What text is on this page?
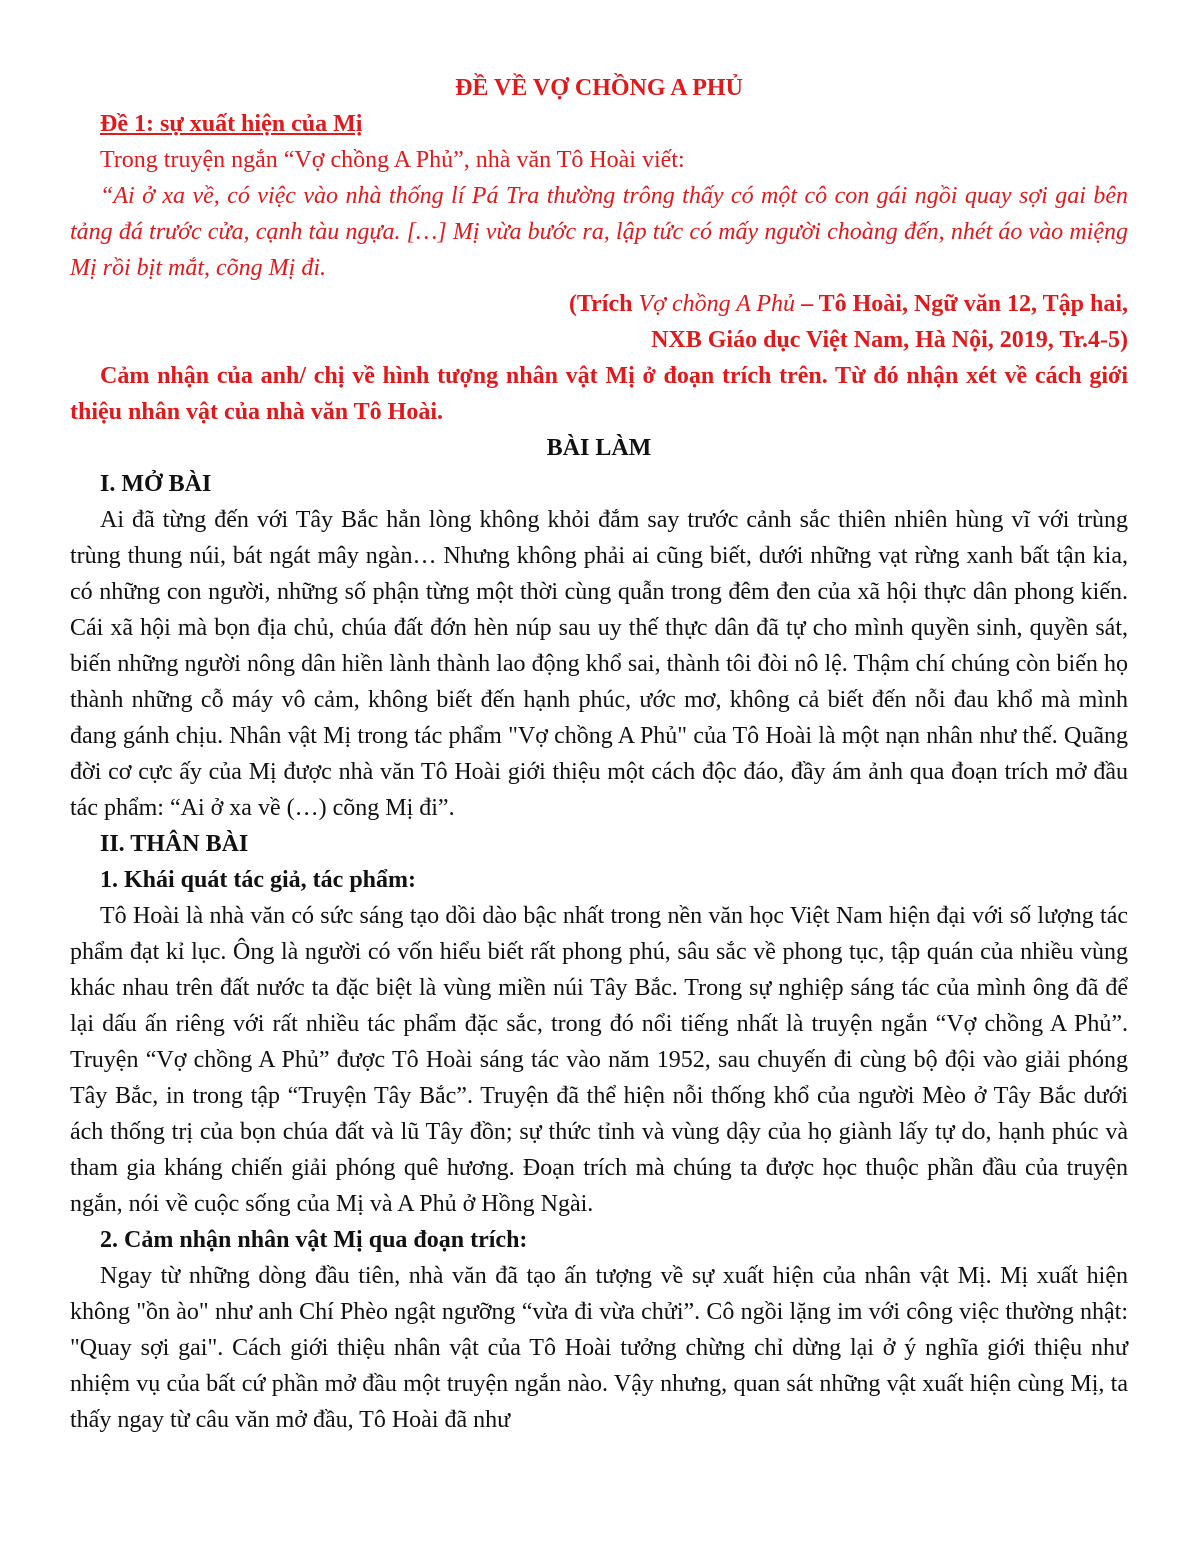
ĐỀ VỀ VỢ CHỒNG A PHỦ

Đề 1: sự xuất hiện của Mị

Trong truyện ngắn “Vợ chồng A Phủ”, nhà văn Tô Hoài viết:

“Ai ở xa về, có việc vào nhà thống lí Pá Tra thường trông thấy có một cô con gái ngồi quay sợi gai bên tảng đá trước cửa, cạnh tàu ngựa. […] Mị vừa bước ra, lập tức có mấy người choàng đến, nhét áo vào miệng Mị rồi bịt mắt, cõng Mị đi.

(Trích Vợ chồng A Phủ – Tô Hoài, Ngữ văn 12, Tập hai,

NXB Giáo dục Việt Nam, Hà Nội, 2019, Tr.4-5)

Cảm nhận của anh/ chị về hình tượng nhân vật Mị ở đoạn trích trên. Từ đó nhận xét về cách giới thiệu nhân vật của nhà văn Tô Hoài.

BÀI LÀM

I. MỞ BÀI

Ai đã từng đến với Tây Bắc hẳn lòng không khỏi đắm say trước cảnh sắc thiên nhiên hùng vĩ với trùng trùng thung núi, bát ngát mây ngàn… Nhưng không phải ai cũng biết, dưới những vạt rừng xanh bất tận kia, có những con người, những số phận từng một thời cùng quẫn trong đêm đen của xã hội thực dân phong kiến. Cái xã hội mà bọn địa chủ, chúa đất đớn hèn núp sau uy thế thực dân đã tự cho mình quyền sinh, quyền sát, biến những người nông dân hiền lành thành lao động khổ sai, thành tôi đòi nô lệ. Thậm chí chúng còn biến họ thành những cỗ máy vô cảm, không biết đến hạnh phúc, ước mơ, không cả biết đến nỗi đau khổ mà mình đang gánh chịu. Nhân vật Mị trong tác phẩm "Vợ chồng A Phủ" của Tô Hoài là một nạn nhân như thế. Quãng đời cơ cực ấy của Mị được nhà văn Tô Hoài giới thiệu một cách độc đáo, đầy ám ảnh qua đoạn trích mở đầu tác phẩm: “Ai ở xa về (…) cõng Mị đi”.

II. THÂN BÀI

1. Khái quát tác giả, tác phẩm:

Tô Hoài là nhà văn có sức sáng tạo dồi dào bậc nhất trong nền văn học Việt Nam hiện đại với số lượng tác phẩm đạt kỉ lục. Ông là người có vốn hiểu biết rất phong phú, sâu sắc về phong tục, tập quán của nhiều vùng khác nhau trên đất nước ta đặc biệt là vùng miền núi Tây Bắc. Trong sự nghiệp sáng tác của mình ông đã để lại dấu ấn riêng với rất nhiều tác phẩm đặc sắc, trong đó nổi tiếng nhất là truyện ngắn “Vợ chồng A Phủ”. Truyện “Vợ chồng A Phủ” được Tô Hoài sáng tác vào năm 1952, sau chuyến đi cùng bộ đội vào giải phóng Tây Bắc, in trong tập “Truyện Tây Bắc”. Truyện đã thể hiện nỗi thống khổ của người Mèo ở Tây Bắc dưới ách thống trị của bọn chúa đất và lũ Tây đồn; sự thức tỉnh và vùng dậy của họ giành lấy tự do, hạnh phúc và tham gia kháng chiến giải phóng quê hương. Đoạn trích mà chúng ta được học thuộc phần đầu của truyện ngắn, nói về cuộc sống của Mị và A Phủ ở Hồng Ngài.

2. Cảm nhận nhân vật Mị qua đoạn trích:

Ngay từ những dòng đầu tiên, nhà văn đã tạo ấn tượng về sự xuất hiện của nhân vật Mị. Mị xuất hiện không "ồn ào" như anh Chí Phèo ngật ngưỡng “vừa đi vừa chửi”. Cô ngồi lặng im với công việc thường nhật: "Quay sợi gai". Cách giới thiệu nhân vật của Tô Hoài tưởng chừng chỉ dừng lại ở ý nghĩa giới thiệu như nhiệm vụ của bất cứ phần mở đầu một truyện ngắn nào. Vậy nhưng, quan sát những vật xuất hiện cùng Mị, ta thấy ngay từ câu văn mở đầu, Tô Hoài đã như
